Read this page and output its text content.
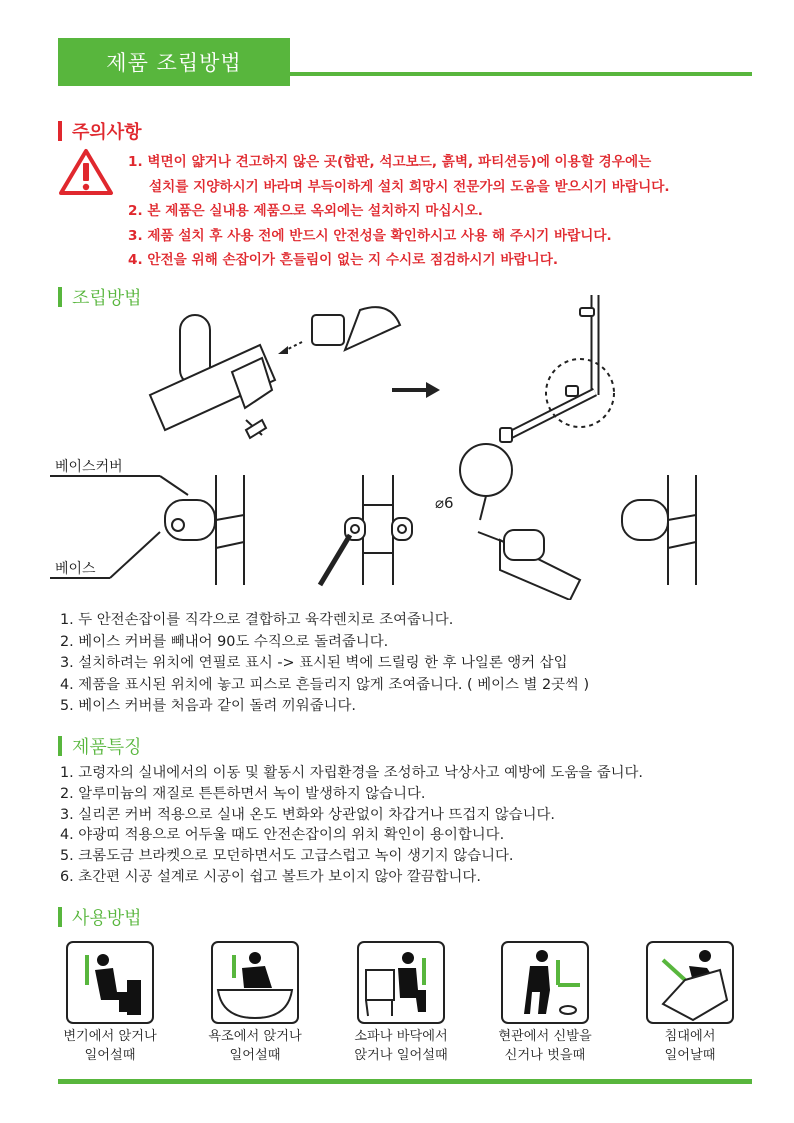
제품 조립방법
주의사항
1. 벽면이 얇거나 견고하지 않은 곳(합판, 석고보드, 흙벽, 파티션등)에 이용할 경우에는
설치를 지양하시기 바라며 부득이하게 설치 희망시 전문가의 도움을 받으시기 바랍니다.
2. 본 제품은 실내용 제품으로 옥외에는 설치하지 마십시오.
3. 제품 설치 후 사용 전에 반드시 안전성을 확인하시고 사용 해 주시기 바랍니다.
4. 안전을 위해 손잡이가 흔들림이 없는 지 수시로 점검하시기 바랍니다.
조립방법
베이스커버
베이스
⌀6
1. 두 안전손잡이를 직각으로 결합하고 육각렌치로 조여줍니다.
2. 베이스 커버를 빼내어 90도 수직으로 돌려줍니다.
3. 설치하려는 위치에 연필로 표시 -> 표시된 벽에 드릴링 한 후 나일론 앵커 삽입
4. 제품을 표시된 위치에 놓고 피스로 흔들리지 않게 조여줍니다. ( 베이스 별 2곳씩 )
5. 베이스 커버를 처음과 같이 돌려 끼워줍니다.
제품특징
1. 고령자의 실내에서의 이동 및 활동시 자립환경을 조성하고 낙상사고 예방에 도움을 줍니다.
2. 알루미늄의 재질로 튼튼하면서 녹이 발생하지 않습니다.
3. 실리콘 커버 적용으로 실내 온도 변화와 상관없이 차갑거나 뜨겁지 않습니다.
4. 야광띠 적용으로 어두울 때도 안전손잡이의 위치 확인이 용이합니다.
5. 크롬도금 브라켓으로 모던하면서도 고급스럽고 녹이 생기지 않습니다.
6. 초간편 시공 설계로 시공이 쉽고 볼트가 보이지 않아 깔끔합니다.
사용방법
변기에서 앉거나
일어설때
욕조에서 앉거나
일어설때
소파나 바닥에서
앉거나 일어설때
현관에서 신발을
신거나 벗을때
침대에서
일어날때
